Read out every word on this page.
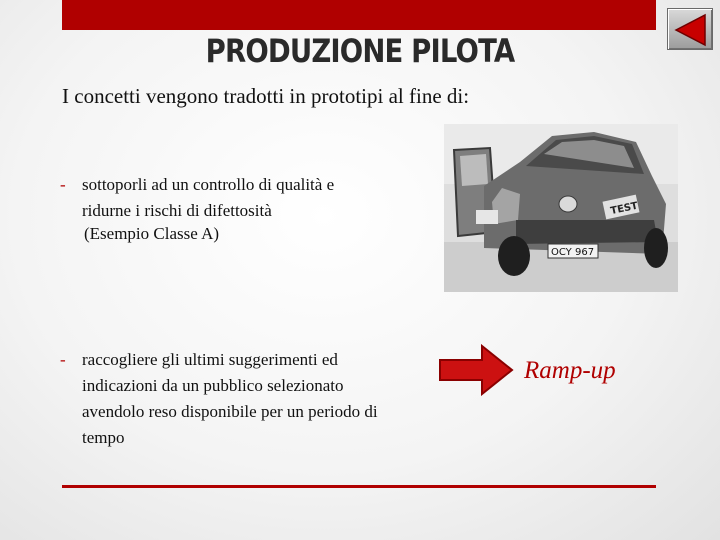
PRODUZIONE PILOTA
I concetti vengono tradotti in prototipi al fine di:
- sottoporli ad un controllo di qualità e
ridurne i rischi di difettosità
(Esempio Classe A)
TEST
OCY 967
- raccogliere gli ultimi suggerimenti ed
indicazioni da un pubblico selezionato
avendolo reso disponibile per un periodo di
tempo
Ramp-up
